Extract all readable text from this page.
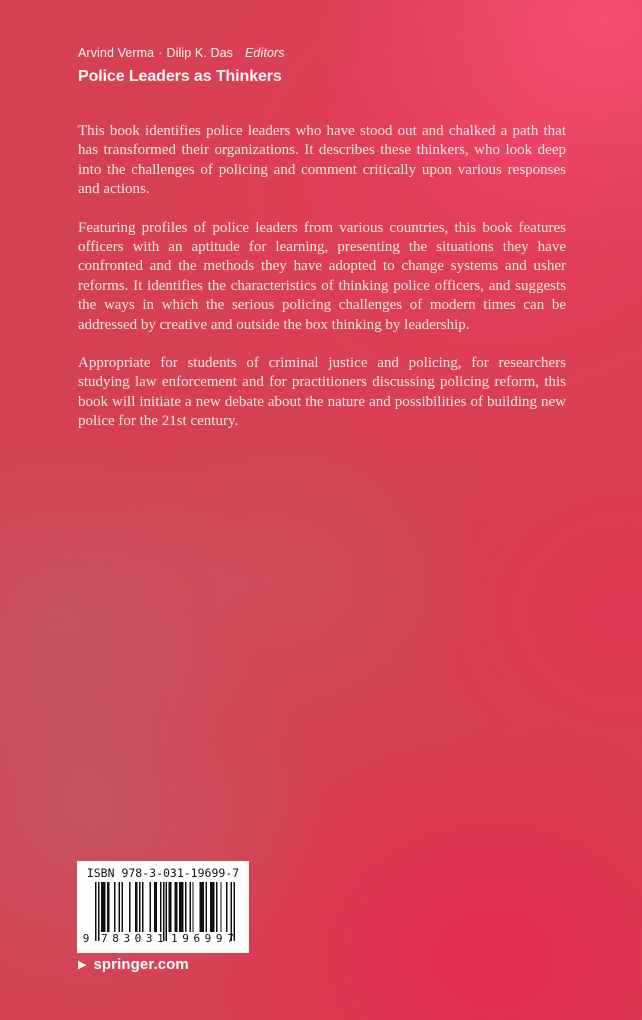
Arvind Verma · Dilip K. Das Editors
Police Leaders as Thinkers

This book identifies police leaders who have stood out and chalked a path that has transformed their organizations. It describes these thinkers, who look deep into the challenges of policing and comment critically upon various responses and actions.

Featuring profiles of police leaders from various countries, this book features officers with an aptitude for learning, presenting the situations they have confronted and the methods they have adopted to change systems and usher reforms. It identifies the characteristics of thinking police officers, and suggests the ways in which the serious policing challenges of modern times can be addressed by creative and outside the box thinking by leadership.

Appropriate for students of criminal justice and policing, for researchers studying law enforcement and for practitioners discussing policing reform, this book will initiate a new debate about the nature and possibilities of building new police for the 21st century.

ISBN 978-3-031-19699-7
9 783031 196997
▶ springer.com
